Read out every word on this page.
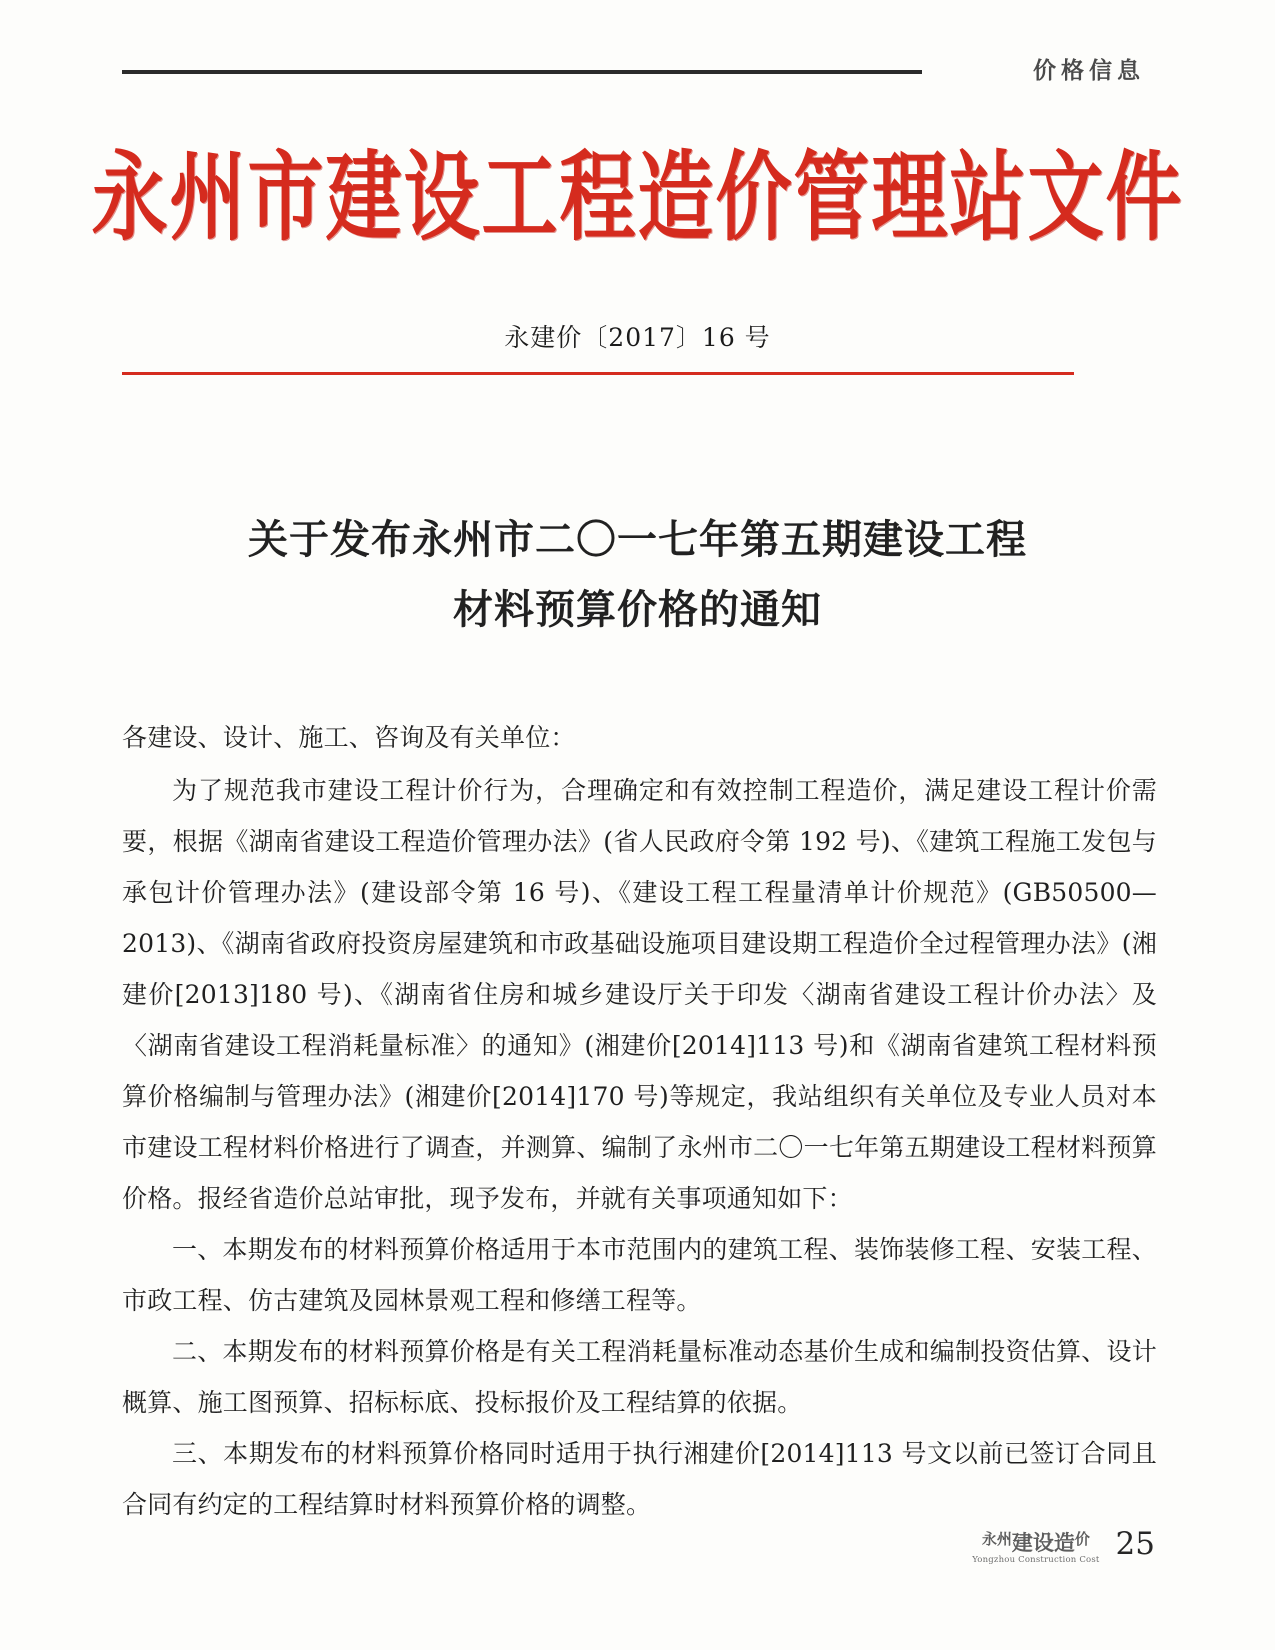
价格信息
永州市建设工程造价管理站文件
永建价〔2017〕16 号
关于发布永州市二〇一七年第五期建设工程
材料预算价格的通知

各建设、设计、施工、咨询及有关单位：

为了规范我市建设工程计价行为，合理确定和有效控制工程造价，满足建设工程计价需要，根据《湖南省建设工程造价管理办法》(省人民政府令第 192 号)、《建筑工程施工发包与承包计价管理办法》(建设部令第 16 号)、《建设工程工程量清单计价规范》(GB50500—2013)、《湖南省政府投资房屋建筑和市政基础设施项目建设期工程造价全过程管理办法》(湘建价[2013]180 号)、《湖南省住房和城乡建设厅关于印发〈湖南省建设工程计价办法〉及〈湖南省建设工程消耗量标准〉的通知》(湘建价[2014]113 号)和《湖南省建筑工程材料预算价格编制与管理办法》(湘建价[2014]170 号)等规定，我站组织有关单位及专业人员对本市建设工程材料价格进行了调查，并测算、编制了永州市二〇一七年第五期建设工程材料预算价格。报经省造价总站审批，现予发布，并就有关事项通知如下：

一、本期发布的材料预算价格适用于本市范围内的建筑工程、装饰装修工程、安装工程、市政工程、仿古建筑及园林景观工程和修缮工程等。

二、本期发布的材料预算价格是有关工程消耗量标准动态基价生成和编制投资估算、设计概算、施工图预算、招标标底、投标报价及工程结算的依据。

三、本期发布的材料预算价格同时适用于执行湘建价[2014]113 号文以前已签订合同且合同有约定的工程结算时材料预算价格的调整。

$^{永州}$建设造$^价$
Yongzhou Construction Cost 25
